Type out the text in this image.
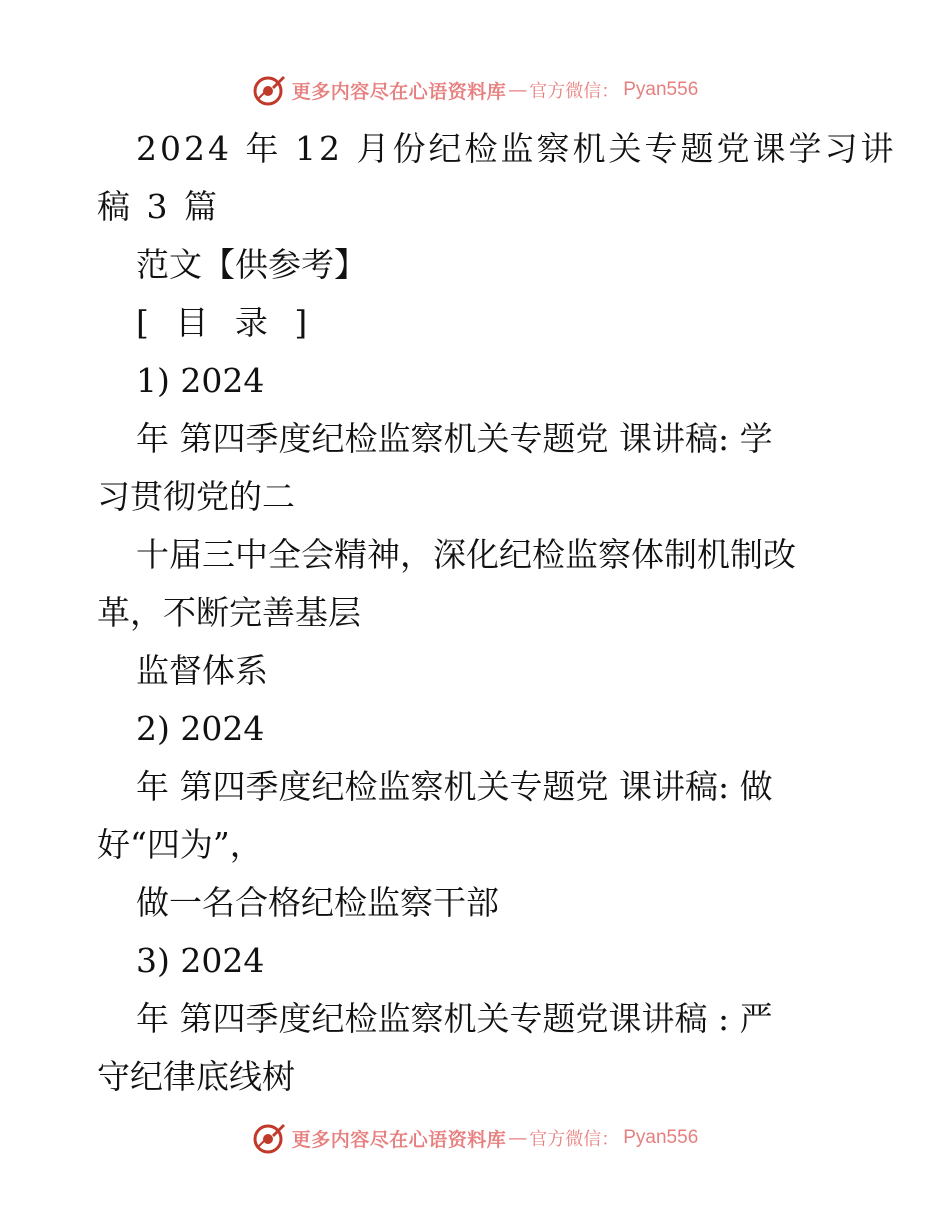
更多内容尽在心语资料库 — 官方微信 ： Pyan556
2024 年 12 月份纪检监察机关专题党课学习讲
稿 3 篇
范文【供参考】
[ 目 录 ]
1) 2024
年 第四季度纪检监察机关专题党 课讲稿: 学
习贯彻党的二
十届三中全会精神，深化纪检监察体制机制改
革，不断完善基层
监督体系
2) 2024
年 第四季度纪检监察机关专题党 课讲稿: 做
好“四为”，
做一名合格纪检监察干部
3) 2024
年 第四季度纪检监察机关专题党课讲稿 : 严
守纪律底线树
更多内容尽在心语资料库 — 官方微信 ： Pyan556
